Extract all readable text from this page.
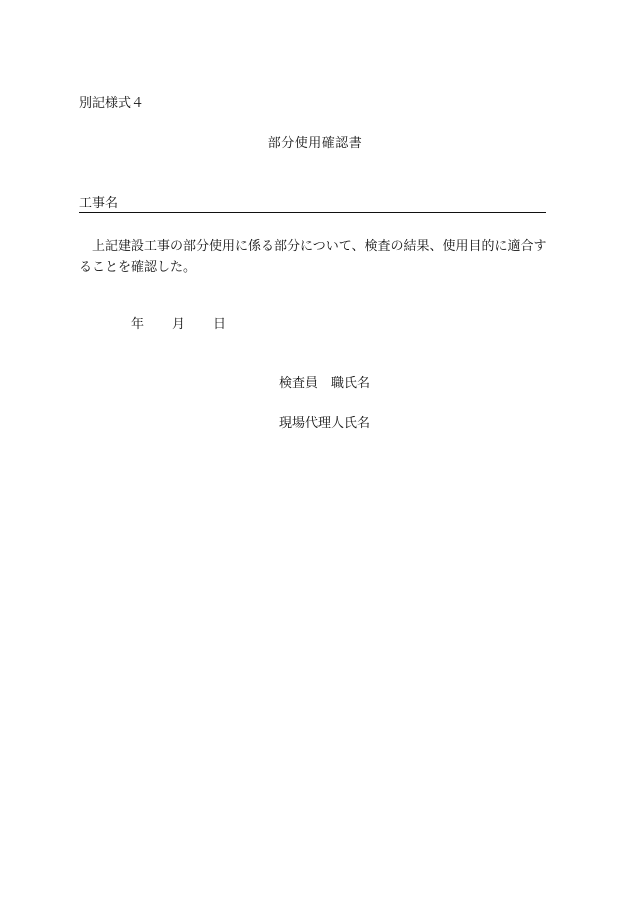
別記様式４
部分使用確認書
工事名

上記建設工事の部分使用に係る部分について、検査の結果、使用目的に適合することを確認した。

年 月 日
検査員 職氏名
現場代理人氏名
